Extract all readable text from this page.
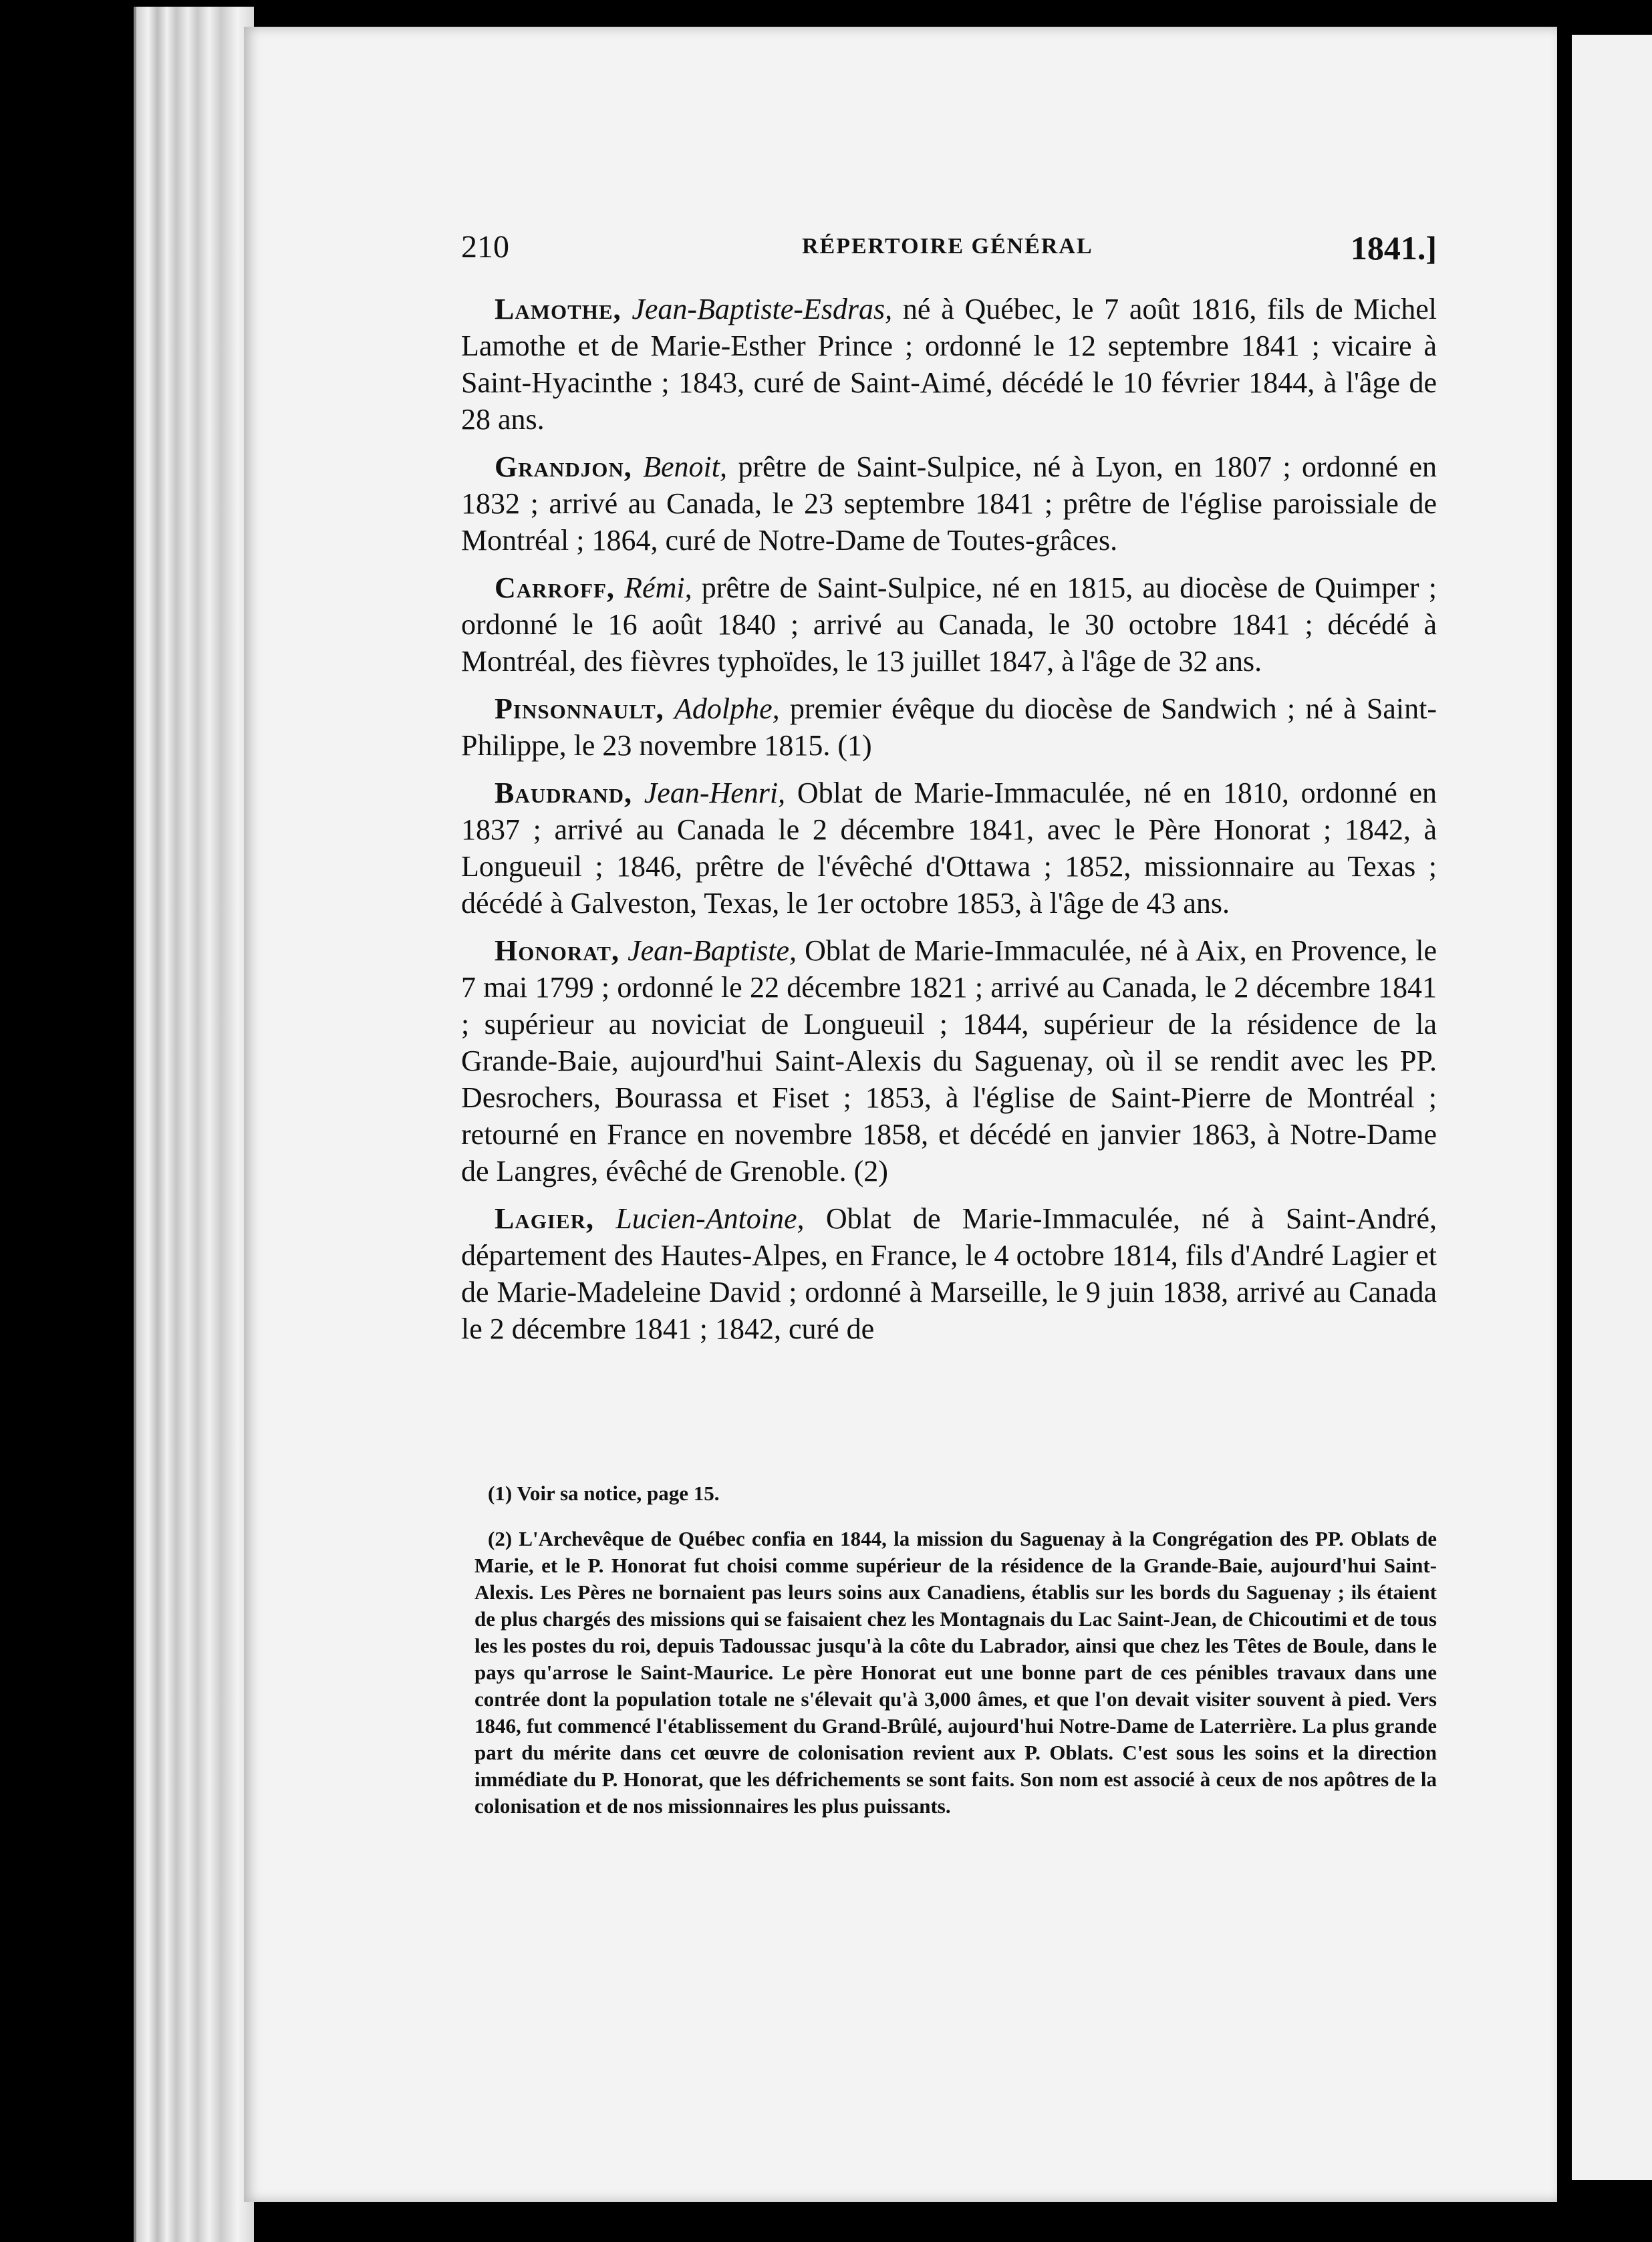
210	RÉPERTOIRE GÉNÉRAL	1841.]

Lamothe, Jean-Baptiste-Esdras, né à Québec, le 7 août 1816, fils de Michel Lamothe et de Marie-Esther Prince ; ordonné le 12 septembre 1841 ; vicaire à Saint-Hyacinthe ; 1843, curé de Saint-Aimé, décédé le 10 février 1844, à l'âge de 28 ans.

Grandjon, Benoit, prêtre de Saint-Sulpice, né à Lyon, en 1807 ; ordonné en 1832 ; arrivé au Canada, le 23 septembre 1841 ; prêtre de l'église paroissiale de Montréal ; 1864, curé de Notre-Dame de Toutes-grâces.

Carroff, Rémi, prêtre de Saint-Sulpice, né en 1815, au diocèse de Quimper ; ordonné le 16 août 1840 ; arrivé au Canada, le 30 octobre 1841 ; décédé à Montréal, des fièvres typhoïdes, le 13 juillet 1847, à l'âge de 32 ans.

Pinsonnault, Adolphe, premier évêque du diocèse de Sandwich ; né à Saint-Philippe, le 23 novembre 1815. (1)

Baudrand, Jean-Henri, Oblat de Marie-Immaculée, né en 1810, ordonné en 1837 ; arrivé au Canada le 2 décembre 1841, avec le Père Honorat ; 1842, à Longueuil ; 1846, prêtre de l'évêché d'Ottawa ; 1852, missionnaire au Texas ; décédé à Galveston, Texas, le 1er octobre 1853, à l'âge de 43 ans.

Honorat, Jean-Baptiste, Oblat de Marie-Immaculée, né à Aix, en Provence, le 7 mai 1799 ; ordonné le 22 décembre 1821 ; arrivé au Canada, le 2 décembre 1841 ; supérieur au noviciat de Longueuil ; 1844, supérieur de la résidence de la Grande-Baie, aujourd'hui Saint-Alexis du Saguenay, où il se rendit avec les PP. Desrochers, Bourassa et Fiset ; 1853, à l'église de Saint-Pierre de Montréal ; retourné en France en novembre 1858, et décédé en janvier 1863, à Notre-Dame de Langres, évêché de Grenoble. (2)

Lagier, Lucien-Antoine, Oblat de Marie-Immaculée, né à Saint-André, département des Hautes-Alpes, en France, le 4 octobre 1814, fils d'André Lagier et de Marie-Madeleine David ; ordonné à Marseille, le 9 juin 1838, arrivé au Canada le 2 décembre 1841 ; 1842, curé de

(1) Voir sa notice, page 15.

(2) L'Archevêque de Québec confia en 1844, la mission du Saguenay à la Congrégation des PP. Oblats de Marie, et le P. Honorat fut choisi comme supérieur de la résidence de la Grande-Baie, aujourd'hui Saint-Alexis. Les Pères ne bornaient pas leurs soins aux Canadiens, établis sur les bords du Saguenay ; ils étaient de plus chargés des missions qui se faisaient chez les Montagnais du Lac Saint-Jean, de Chicoutimi et de tous les les postes du roi, depuis Tadoussac jusqu'à la côte du Labrador, ainsi que chez les Têtes de Boule, dans le pays qu'arrose le Saint-Maurice. Le père Honorat eut une bonne part de ces pénibles travaux dans une contrée dont la population totale ne s'élevait qu'à 3,000 âmes, et que l'on devait visiter souvent à pied. Vers 1846, fut commencé l'établissement du Grand-Brûlé, aujourd'hui Notre-Dame de Laterrière. La plus grande part du mérite dans cet œuvre de colonisation revient aux P. Oblats. C'est sous les soins et la direction immédiate du P. Honorat, que les défrichements se sont faits. Son nom est associé à ceux de nos apôtres de la colonisation et de nos missionnaires les plus puissants.
